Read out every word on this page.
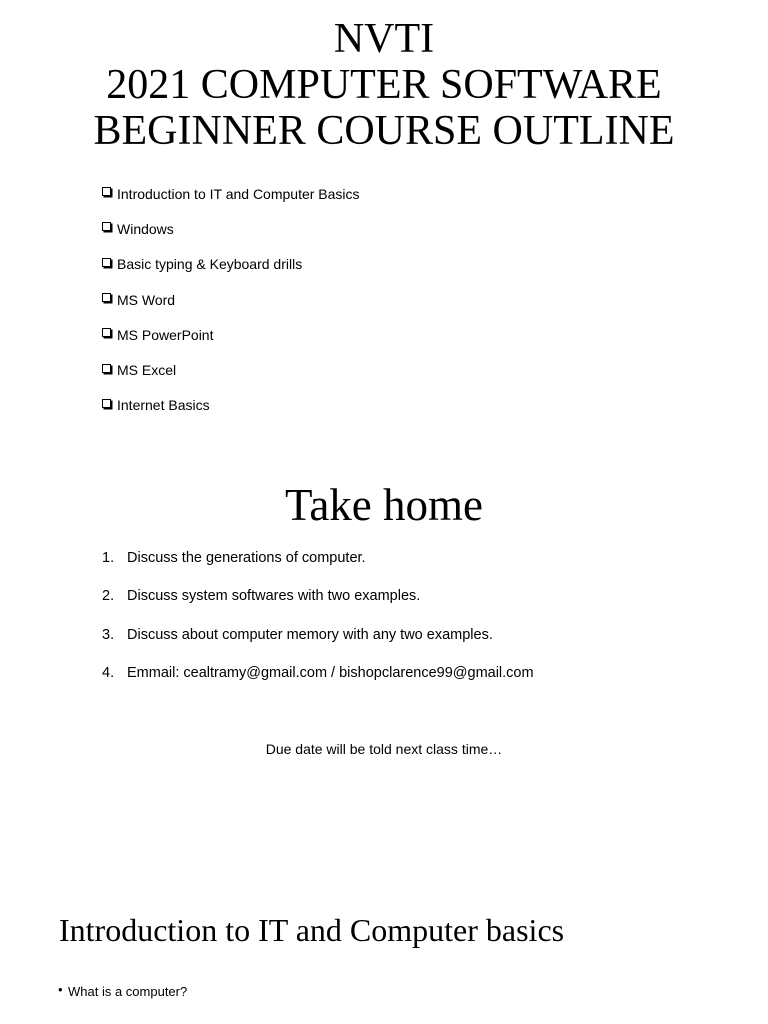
NVTI
2021 COMPUTER SOFTWARE
BEGINNER COURSE OUTLINE
Introduction to IT and Computer Basics
Windows
Basic typing & Keyboard drills
MS Word
MS PowerPoint
MS Excel
Internet Basics
Take home
1. Discuss the generations of computer.
2. Discuss system softwares with two examples.
3. Discuss about computer memory with any two examples.
4. Emmail: cealtramy@gmail.com / bishopclarence99@gmail.com
Due date will be told next class time…
Introduction to IT and Computer basics
• What is a computer?
